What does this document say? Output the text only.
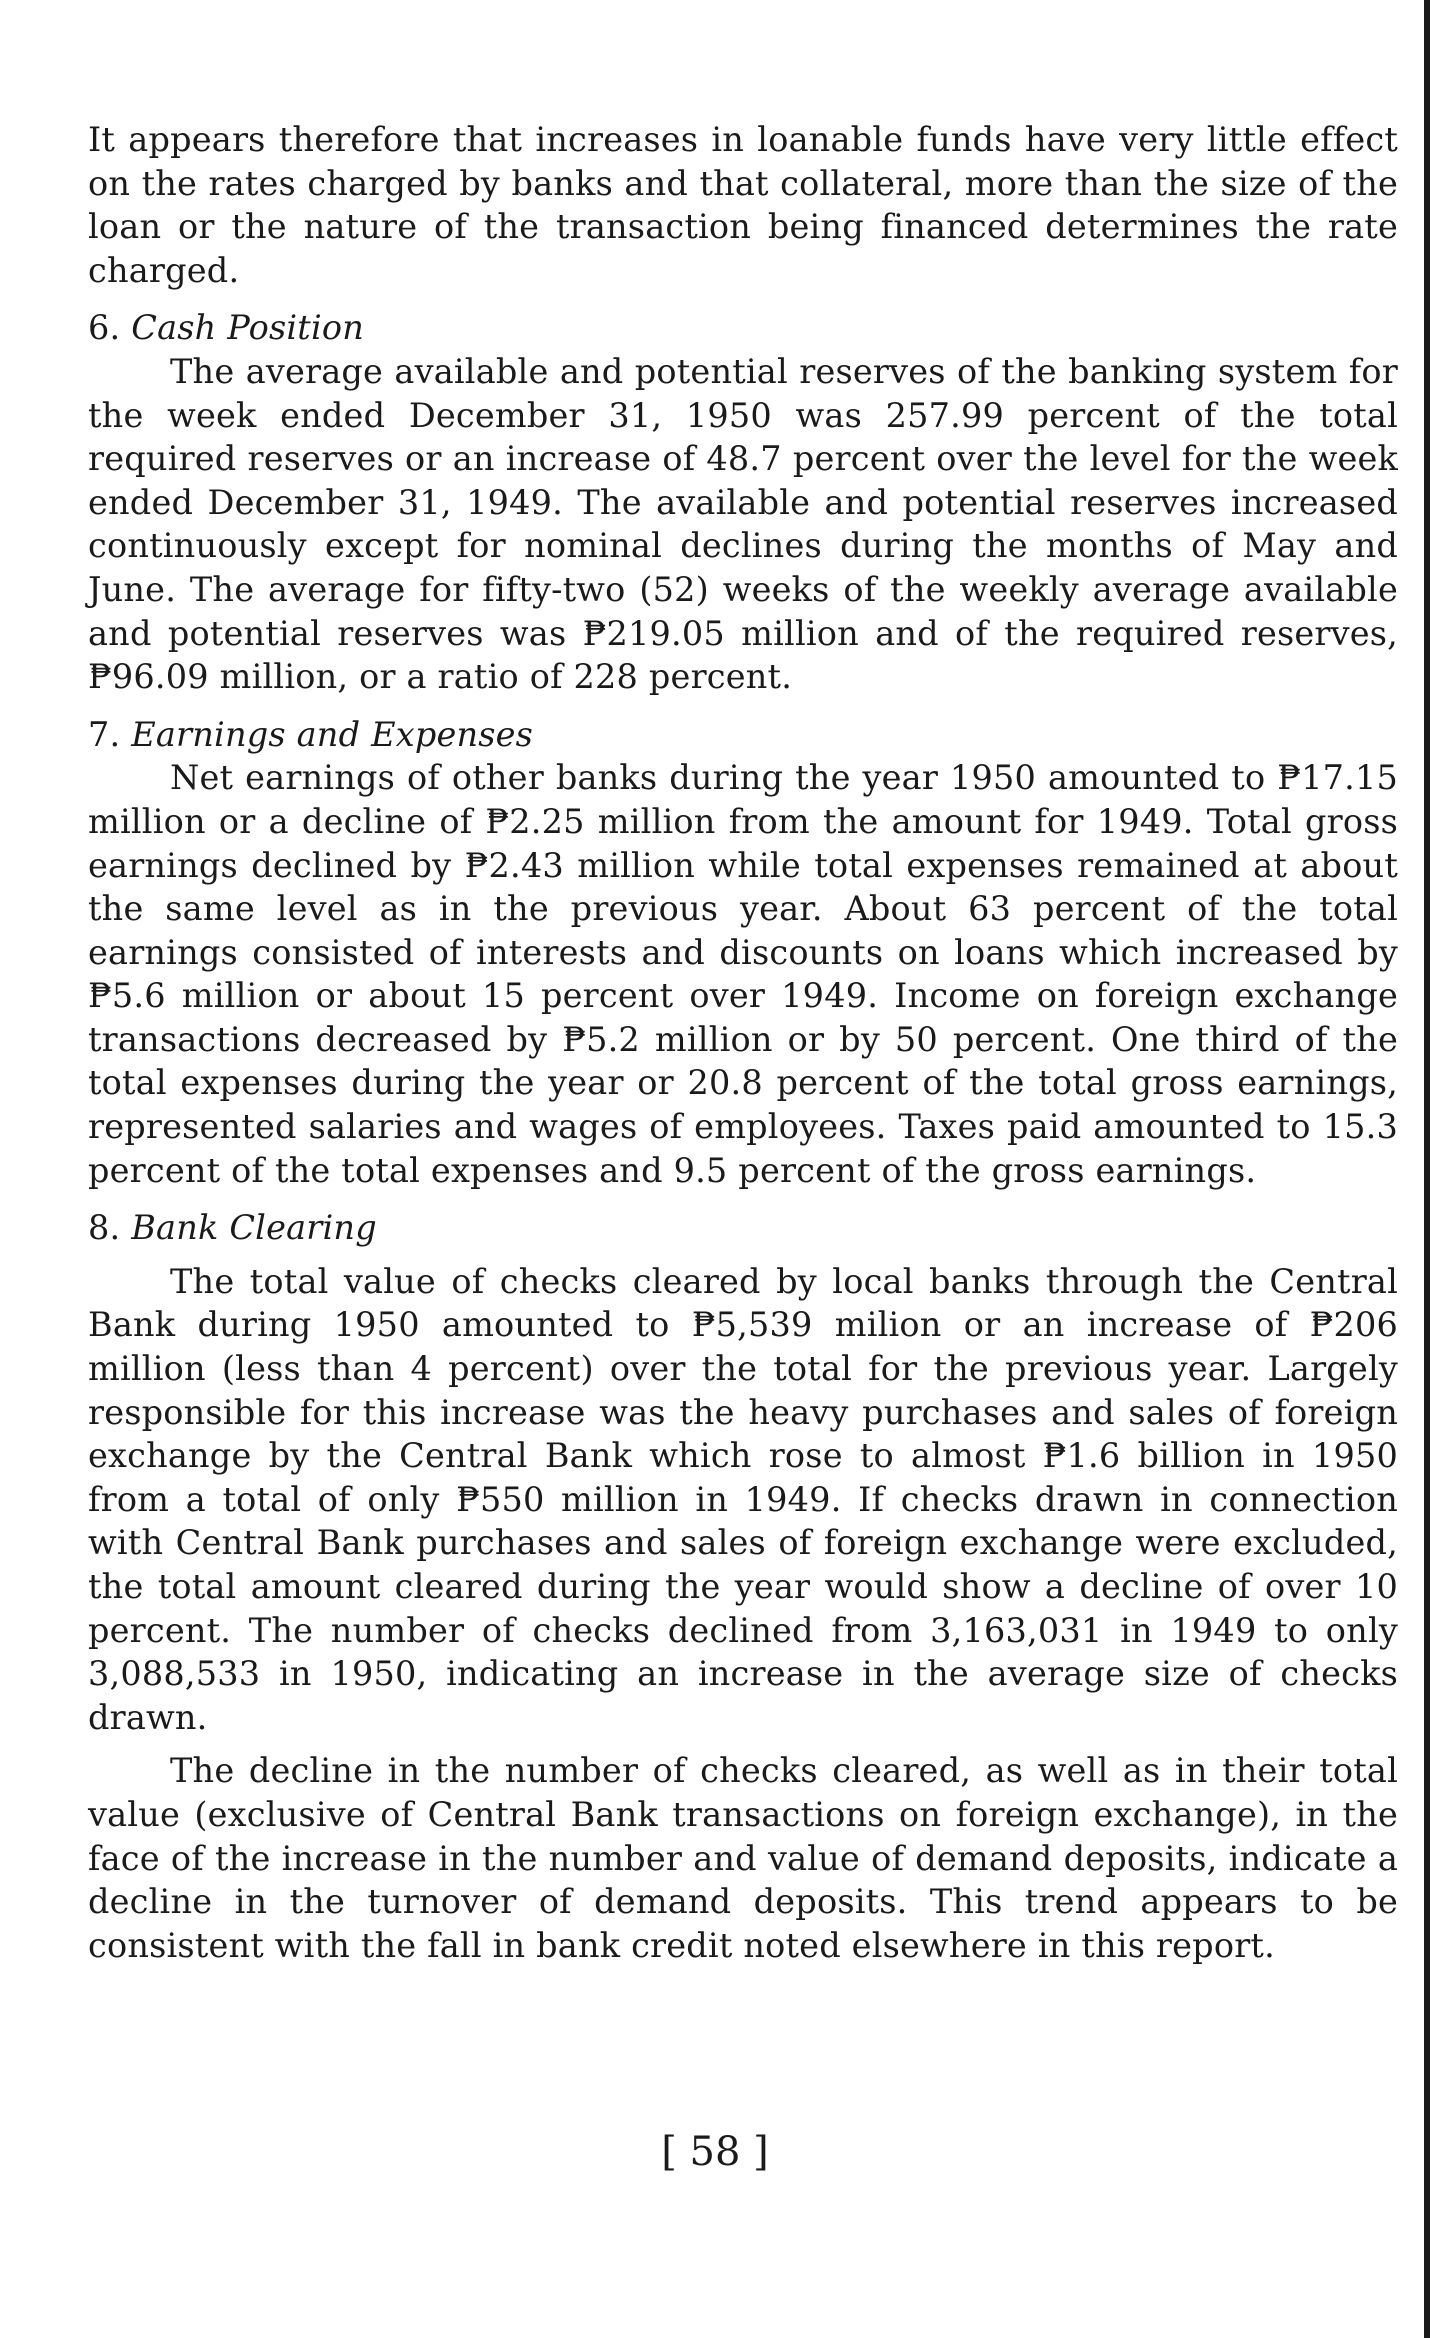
It appears therefore that increases in loanable funds have very little effect on the rates charged by banks and that collateral, more than the size of the loan or the nature of the transaction being financed determines the rate charged.

6. Cash Position

The average available and potential reserves of the banking system for the week ended December 31, 1950 was 257.99 percent of the total required reserves or an increase of 48.7 percent over the level for the week ended December 31, 1949. The available and potential reserves increased continuously except for nominal declines during the months of May and June. The average for fifty-two (52) weeks of the weekly average available and potential reserves was ₱219.05 million and of the required reserves, ₱96.09 million, or a ratio of 228 percent.

7. Earnings and Expenses

Net earnings of other banks during the year 1950 amounted to ₱17.15 million or a decline of ₱2.25 million from the amount for 1949. Total gross earnings declined by ₱2.43 million while total expenses remained at about the same level as in the previous year. About 63 percent of the total earnings consisted of interests and discounts on loans which increased by ₱5.6 million or about 15 percent over 1949. Income on foreign exchange transactions decreased by ₱5.2 million or by 50 percent. One third of the total expenses during the year or 20.8 percent of the total gross earnings, represented salaries and wages of employees. Taxes paid amounted to 15.3 percent of the total expenses and 9.5 percent of the gross earnings.

8. Bank Clearing

The total value of checks cleared by local banks through the Central Bank during 1950 amounted to ₱5,539 milion or an increase of ₱206 million (less than 4 percent) over the total for the previous year. Largely responsible for this increase was the heavy purchases and sales of foreign exchange by the Central Bank which rose to almost ₱1.6 billion in 1950 from a total of only ₱550 million in 1949. If checks drawn in connection with Central Bank purchases and sales of foreign exchange were excluded, the total amount cleared during the year would show a decline of over 10 percent. The number of checks declined from 3,163,031 in 1949 to only 3,088,533 in 1950, indicating an increase in the average size of checks drawn.

The decline in the number of checks cleared, as well as in their total value (exclusive of Central Bank transactions on foreign exchange), in the face of the increase in the number and value of demand deposits, indicate a decline in the turnover of demand deposits. This trend appears to be consistent with the fall in bank credit noted elsewhere in this report.

[ 58 ]
